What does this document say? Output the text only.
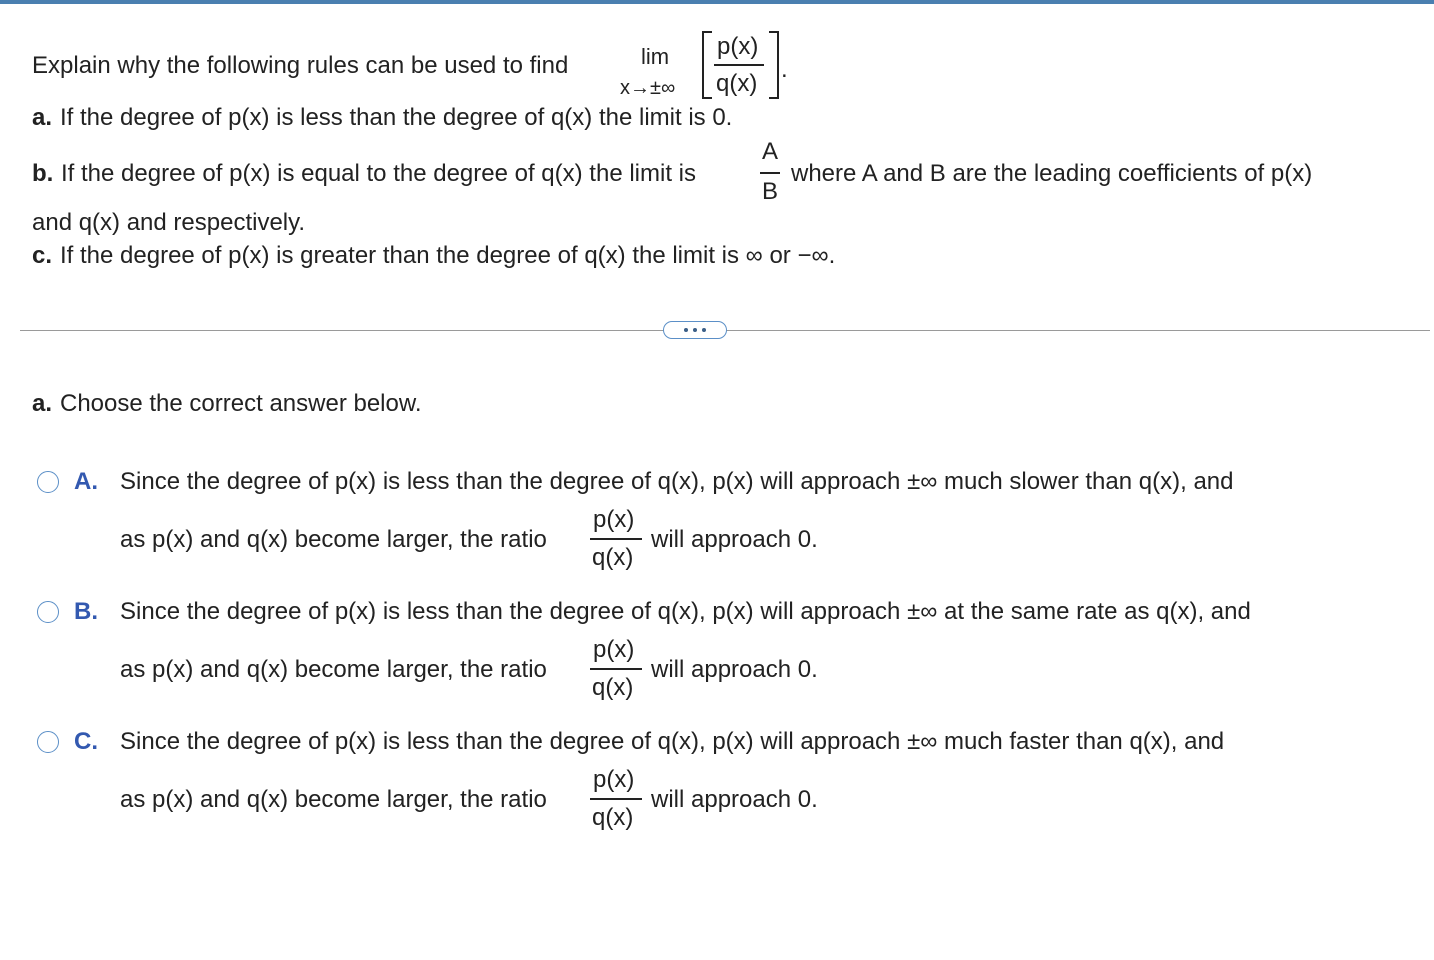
Explain why the following rules can be used to find	lim
x→±∞
p(x)
q(x)
.
a. If the degree of p(x) is less than the degree of q(x) the limit is 0.
b. If the degree of p(x) is equal to the degree of q(x) the limit is
A
B
where A and B are the leading coefficients of p(x)
and q(x) and respectively.
c. If the degree of p(x) is greater than the degree of q(x) the limit is ∞ or −∞.
a. Choose the correct answer below.
A. Since the degree of p(x) is less than the degree of q(x), p(x) will approach ±∞ much slower than q(x), and
as p(x) and q(x) become larger, the ratio
p(x)
q(x)
will approach 0.
B. Since the degree of p(x) is less than the degree of q(x), p(x) will approach ±∞ at the same rate as q(x), and
as p(x) and q(x) become larger, the ratio
p(x)
q(x)
will approach 0.
C. Since the degree of p(x) is less than the degree of q(x), p(x) will approach ±∞ much faster than q(x), and
as p(x) and q(x) become larger, the ratio
p(x)
q(x)
will approach 0.
